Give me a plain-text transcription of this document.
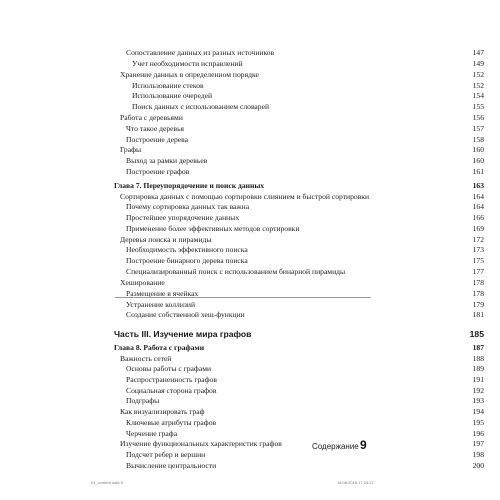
Сопоставление данных из разных источников	147
Учет необходимости исправлений	149
Хранение данных в определенном порядке	152
Использование стеков	152
Использование очередей	154
Поиск данных с использованием словарей	155
Работа с деревьями	156
Что такое деревья	157
Построение дерева	158
Графы	160
Выход за рамки деревьев	160
Построение графов	161
Глава 7. Переупорядочение и поиск данных	163
Сортировка данных с помощью сортировки слиянием и быстрой сортировки	164
Почему сортировка данных так важна	164
Простейшее упорядочение данных	166
Применение более эффективных методов сортировки	169
Деревья поиска и пирамиды	172
Необходимость эффективного поиска	173
Построение бинарного дерева поиска	175
Специализированный поиск с использованием бинарной пирамиды	177
Хеширование	178
Размещение в ячейках	178
Устранение коллизий	179
Создание собственной хеш-функции	181
Часть III. Изучение мира графов	185
Глава 8. Работа с графами	187
Важность сетей	188
Основы работы с графами	189
Распространенность графов	191
Социальная сторона графов	192
Подграфы	193
Как визуализировать граф	194
Ключевые атрибуты графов	195
Черчение графа	196
Изучение функциональных характеристик графов	197
Подсчет ребер и вершин	198
Вычисление центральности	200
Содержание 9
01_content.indd 9	18.06.2018 17:24:27
